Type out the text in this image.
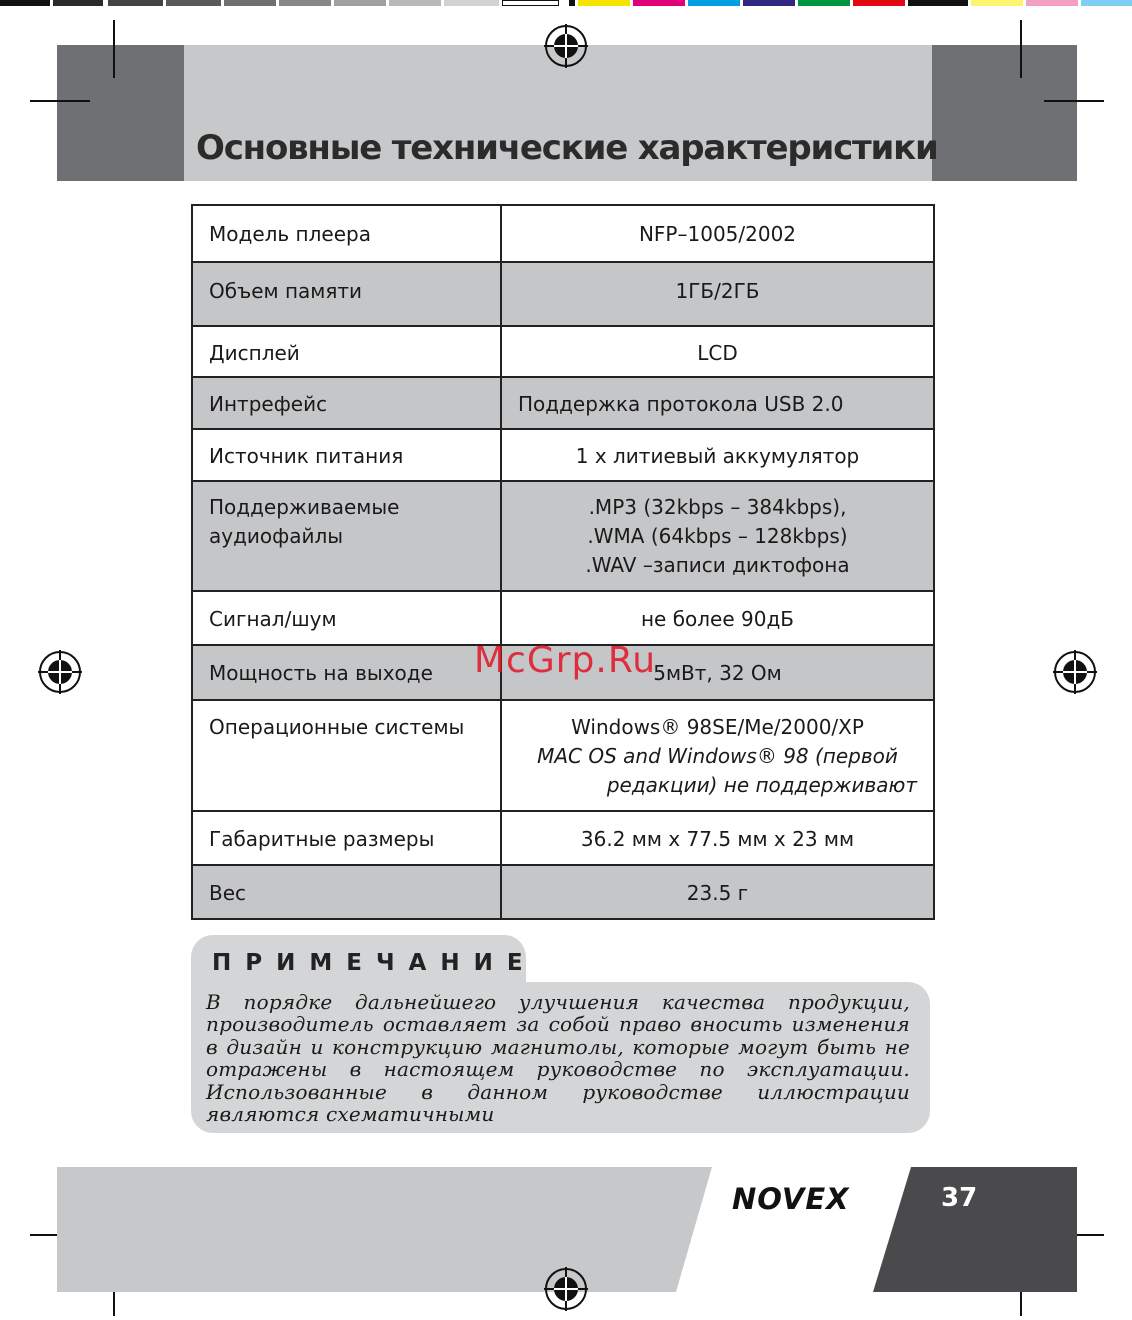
Основные технические характеристики
Модель плеера	NFP–1005/2002
Объем памяти	1ГБ/2ГБ
Дисплей	LCD
Интрефейс	Поддержка протокола USB 2.0
Источник питания	1 х литиевый аккумулятор
Поддерживаемые аудиофайлы	.MP3 (32kbps – 384kbps),
.WMA (64kbps – 128kbps)
.WAV –записи диктофона

Сигнал/шум	не более 90дБ
Мощность на выходе	5мВт, 32 Ом
Операционные системы	Windows® 98SE/Me/2000/XP
MAC OS and Windows® 98 (первой
редакции) не поддерживают

Габаритные размеры	36.2 мм х 77.5 мм х 23 мм
Вес	23.5 г
McGrp.Ru
ПРИМЕЧАНИЕ
В порядке дальнейшего улучшения качества продукции, производитель оставляет за собой право вносить изменения в дизайн и конструкцию магнитолы, которые могут быть не отражены в настоящем руководстве по эксплуатации. Использованные в данном руководстве иллюстрации являются схематичными
NOVEX	37
